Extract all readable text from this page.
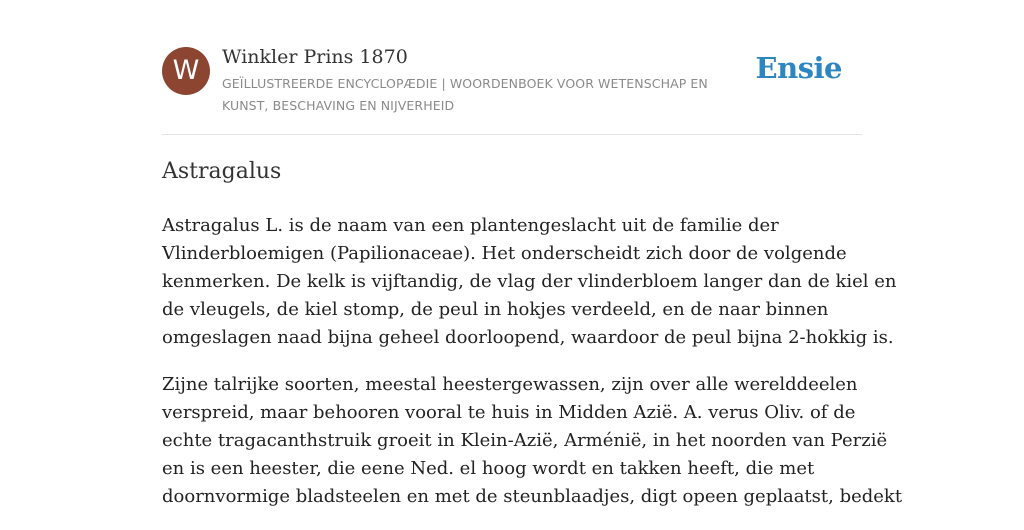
W	Winkler Prins 1870
GEÏLLUSTREERDE ENCYCLOPÆDIE | WOORDENBOEK VOOR WETENSCHAP EN KUNST, BESCHAVING EN NIJVERHEID
Ensie
Astragalus

Astragalus L. is de naam van een plantengeslacht uit de familie der
Vlinderbloemigen (Papilionaceae). Het onderscheidt zich door de volgende
kenmerken. De kelk is vijftandig, de vlag der vlinderbloem langer dan de kiel en
de vleugels, de kiel stomp, de peul in hokjes verdeeld, en de naar binnen
omgeslagen naad bijna geheel doorloopend, waardoor de peul bijna 2-hokkig is.

Zijne talrijke soorten, meestal heestergewassen, zijn over alle werelddeelen
verspreid, maar behooren vooral te huis in Midden Azië. A. verus Oliv. of de
echte tragacanthstruik groeit in Klein-Azië, Arménië, in het noorden van Perzië
en is een heester, die eene Ned. el hoog wordt en takken heeft, die met
doornvormige bladsteelen en met de steunblaadjes, digt opeen geplaatst, bedekt
